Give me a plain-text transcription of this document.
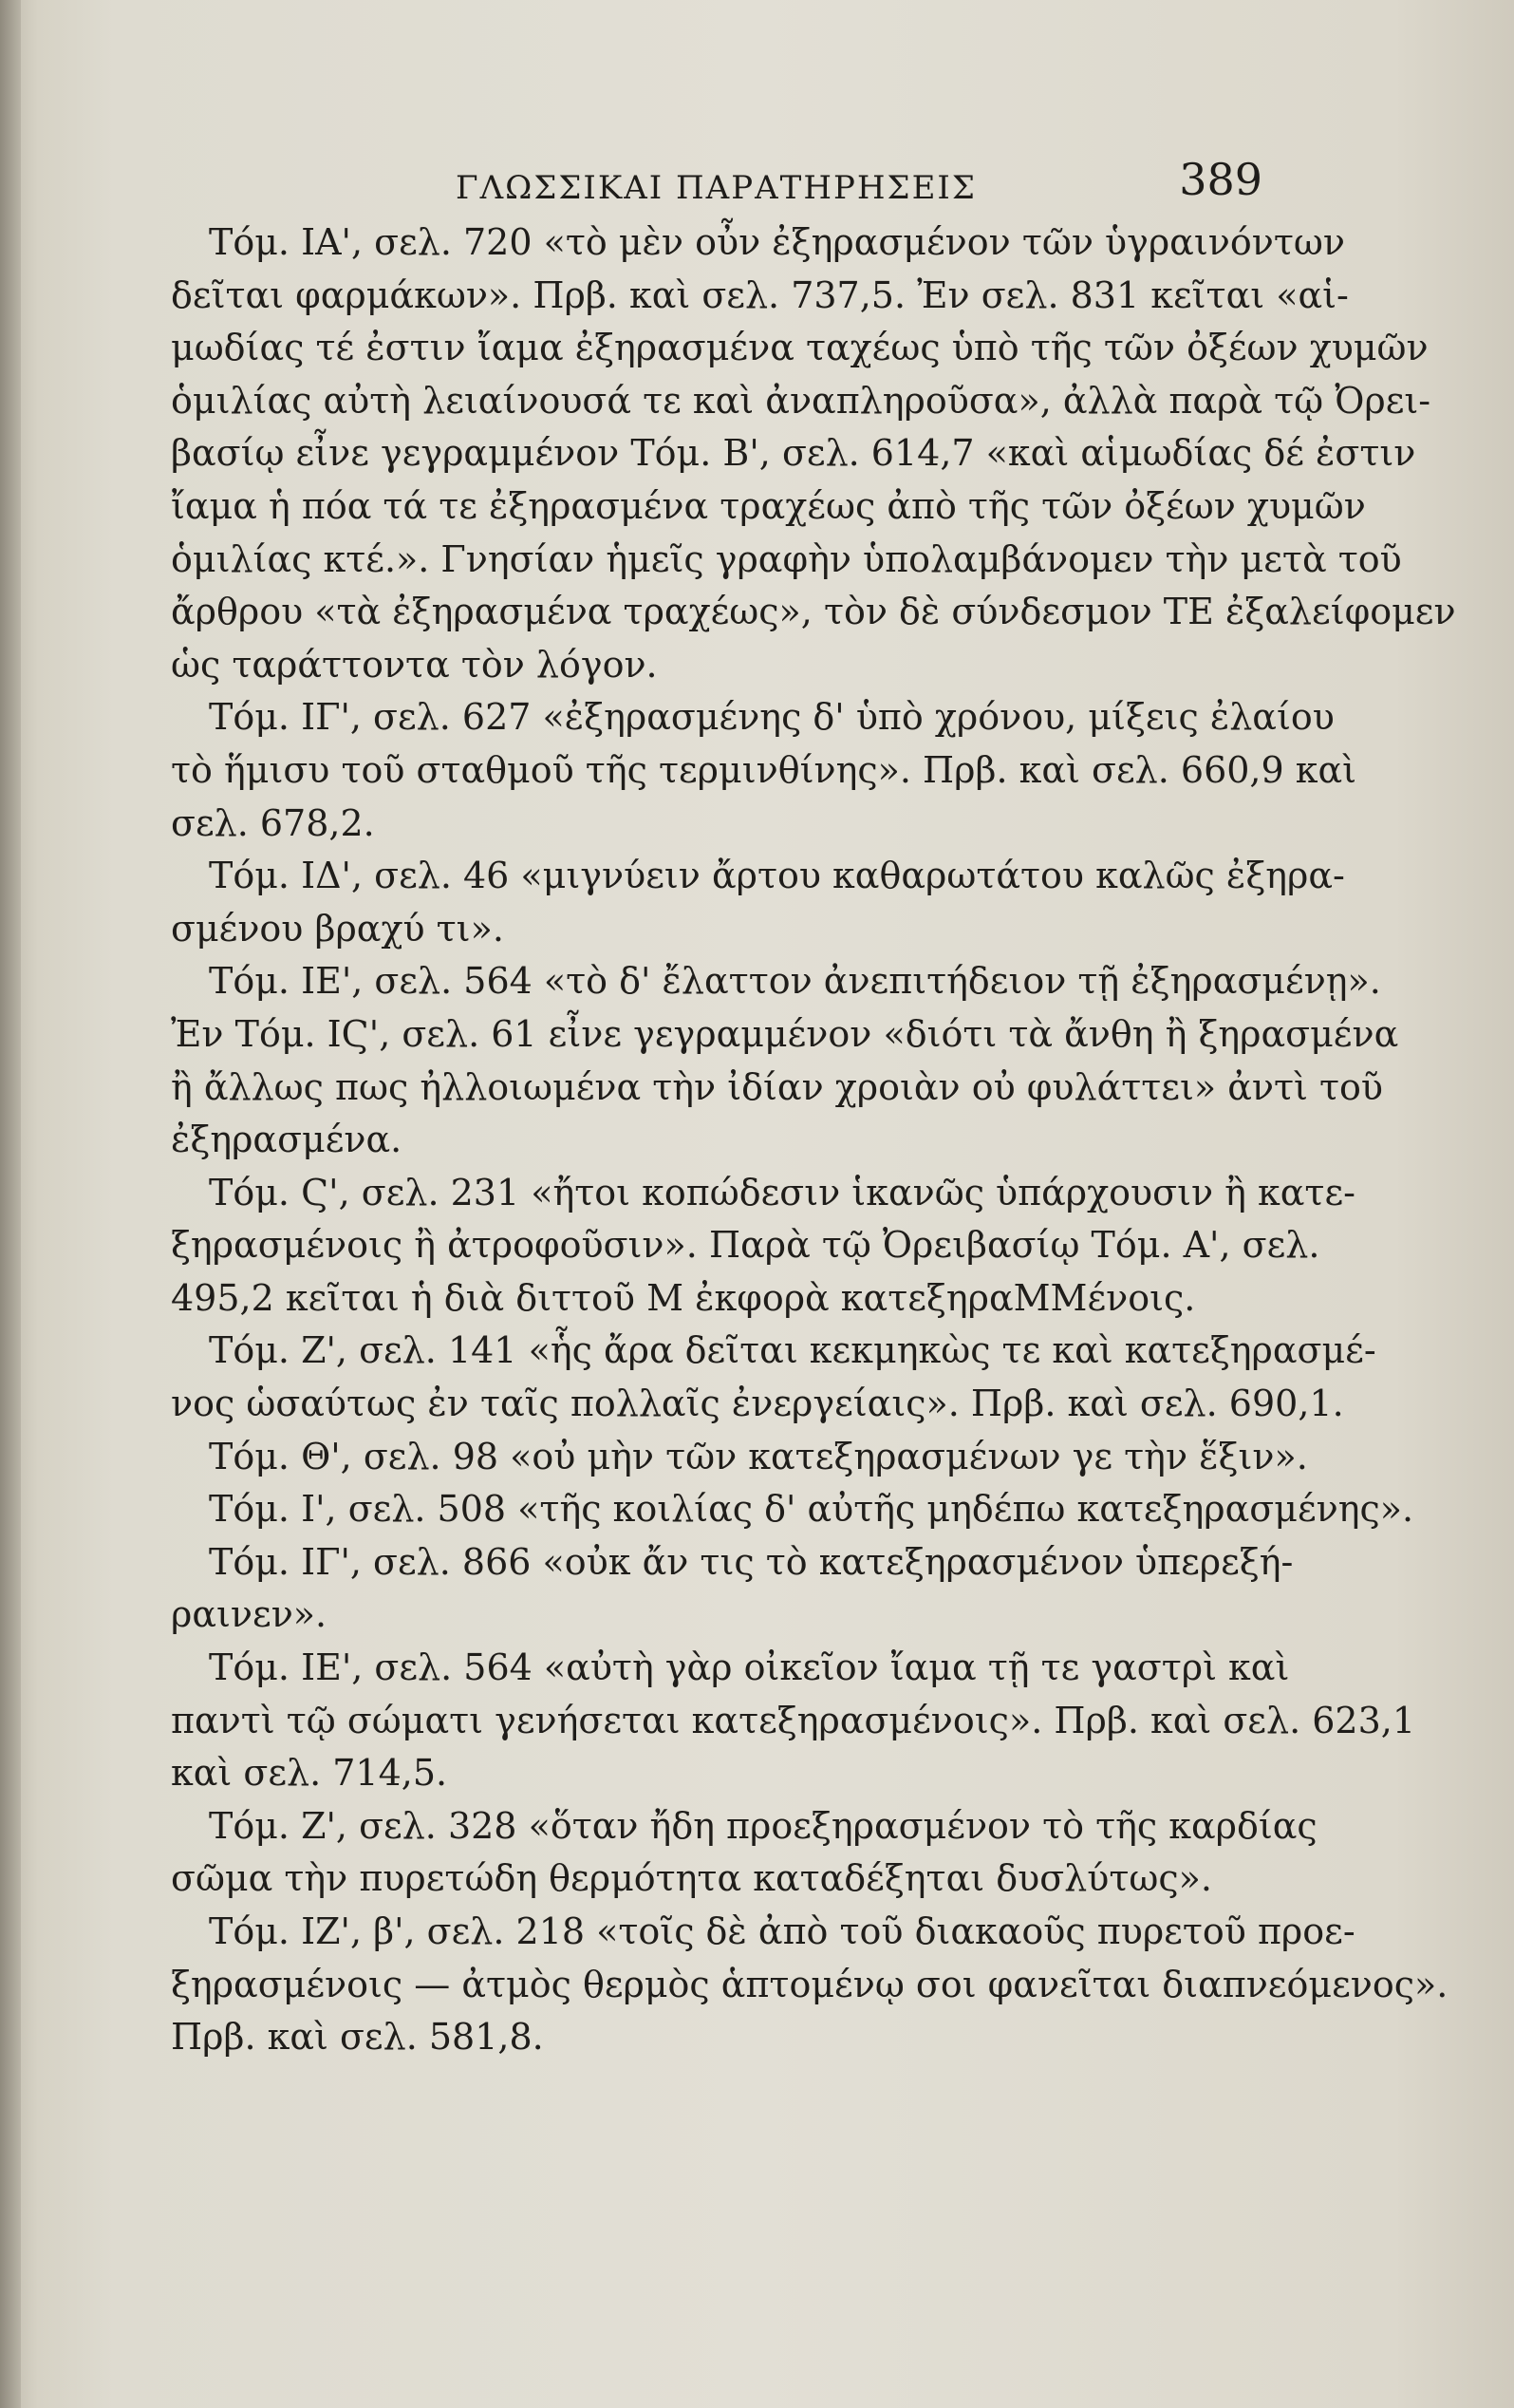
ΓΛΩΣΣΙΚΑΙ ΠΑΡΑΤΗΡΗΣΕΙΣ	389
Τόμ. ΙΑ', σελ. 720 «τὸ μὲν οὖν ἐξηρασμένον τῶν ὑγραινόντων
δεῖται φαρμάκων». Πρβ. καὶ σελ. 737,5. Ἐν σελ. 831 κεῖται «αἱ-
μωδίας τέ ἐστιν ἴαμα ἐξηρασμένα ταχέως ὑπὸ τῆς τῶν ὀξέων χυμῶν
ὁμιλίας αὐτὴ λειαίνουσά τε καὶ ἀναπληροῦσα», ἀλλὰ παρὰ τῷ Ὀρει-
βασίῳ εἶνε γεγραμμένον Τόμ. Β', σελ. 614,7 «καὶ αἱμωδίας δέ ἐστιν
ἴαμα ἡ πόα τά τε ἐξηρασμένα τραχέως ἀπὸ τῆς τῶν ὀξέων χυμῶν
ὁμιλίας κτέ.». Γνησίαν ἡμεῖς γραφὴν ὑπολαμβάνομεν τὴν μετὰ τοῦ
ἄρθρου «τὰ ἐξηρασμένα τραχέως», τὸν δὲ σύνδεσμον ΤΕ ἐξαλείφομεν
ὡς ταράττοντα τὸν λόγον.
Τόμ. ΙΓ', σελ. 627 «ἐξηρασμένης δ' ὑπὸ χρόνου, μίξεις ἐλαίου
τὸ ἥμισυ τοῦ σταθμοῦ τῆς τερμινθίνης». Πρβ. καὶ σελ. 660,9 καὶ
σελ. 678,2.
Τόμ. ΙΔ', σελ. 46 «μιγνύειν ἄρτου καθαρωτάτου καλῶς ἐξηρα-
σμένου βραχύ τι».
Τόμ. ΙΕ', σελ. 564 «τὸ δ' ἔλαττον ἀνεπιτήδειον τῇ ἐξηρασμένῃ».
Ἐν Τόμ. ΙϚ', σελ. 61 εἶνε γεγραμμένον «διότι τὰ ἄνθη ἢ ξηρασμένα
ἢ ἄλλως πως ἠλλοιωμένα τὴν ἰδίαν χροιὰν οὐ φυλάττει» ἀντὶ τοῦ
ἐξηρασμένα.
Τόμ. Ϛ', σελ. 231 «ἤτοι κοπώδεσιν ἱκανῶς ὑπάρχουσιν ἢ κατε-
ξηρασμένοις ἢ ἀτροφοῦσιν». Παρὰ τῷ Ὀρειβασίῳ Τόμ. Α', σελ.
495,2 κεῖται ἡ διὰ διττοῦ Μ ἐκφορὰ κατεξηραΜΜένοις.
Τόμ. Ζ', σελ. 141 «ἧς ἄρα δεῖται κεκμηκὼς τε καὶ κατεξηρασμέ-
νος ὡσαύτως ἐν ταῖς πολλαῖς ἐνεργείαις». Πρβ. καὶ σελ. 690,1.
Τόμ. Θ', σελ. 98 «οὐ μὴν τῶν κατεξηρασμένων γε τὴν ἕξιν».
Τόμ. Ι', σελ. 508 «τῆς κοιλίας δ' αὐτῆς μηδέπω κατεξηρασμένης».
Τόμ. ΙΓ', σελ. 866 «οὐκ ἄν τις τὸ κατεξηρασμένον ὑπερεξή-
ραινεν».
Τόμ. ΙΕ', σελ. 564 «αὐτὴ γὰρ οἰκεῖον ἴαμα τῇ τε γαστρὶ καὶ
παντὶ τῷ σώματι γενήσεται κατεξηρασμένοις». Πρβ. καὶ σελ. 623,1
καὶ σελ. 714,5.
Τόμ. Ζ', σελ. 328 «ὅταν ἤδη προεξηρασμένον τὸ τῆς καρδίας
σῶμα τὴν πυρετώδη θερμότητα καταδέξηται δυσλύτως».
Τόμ. ΙΖ', β', σελ. 218 «τοῖς δὲ ἀπὸ τοῦ διακαοῦς πυρετοῦ προε-
ξηρασμένοις — ἀτμὸς θερμὸς ἁπτομένῳ σοι φανεῖται διαπνεόμενος».
Πρβ. καὶ σελ. 581,8.
